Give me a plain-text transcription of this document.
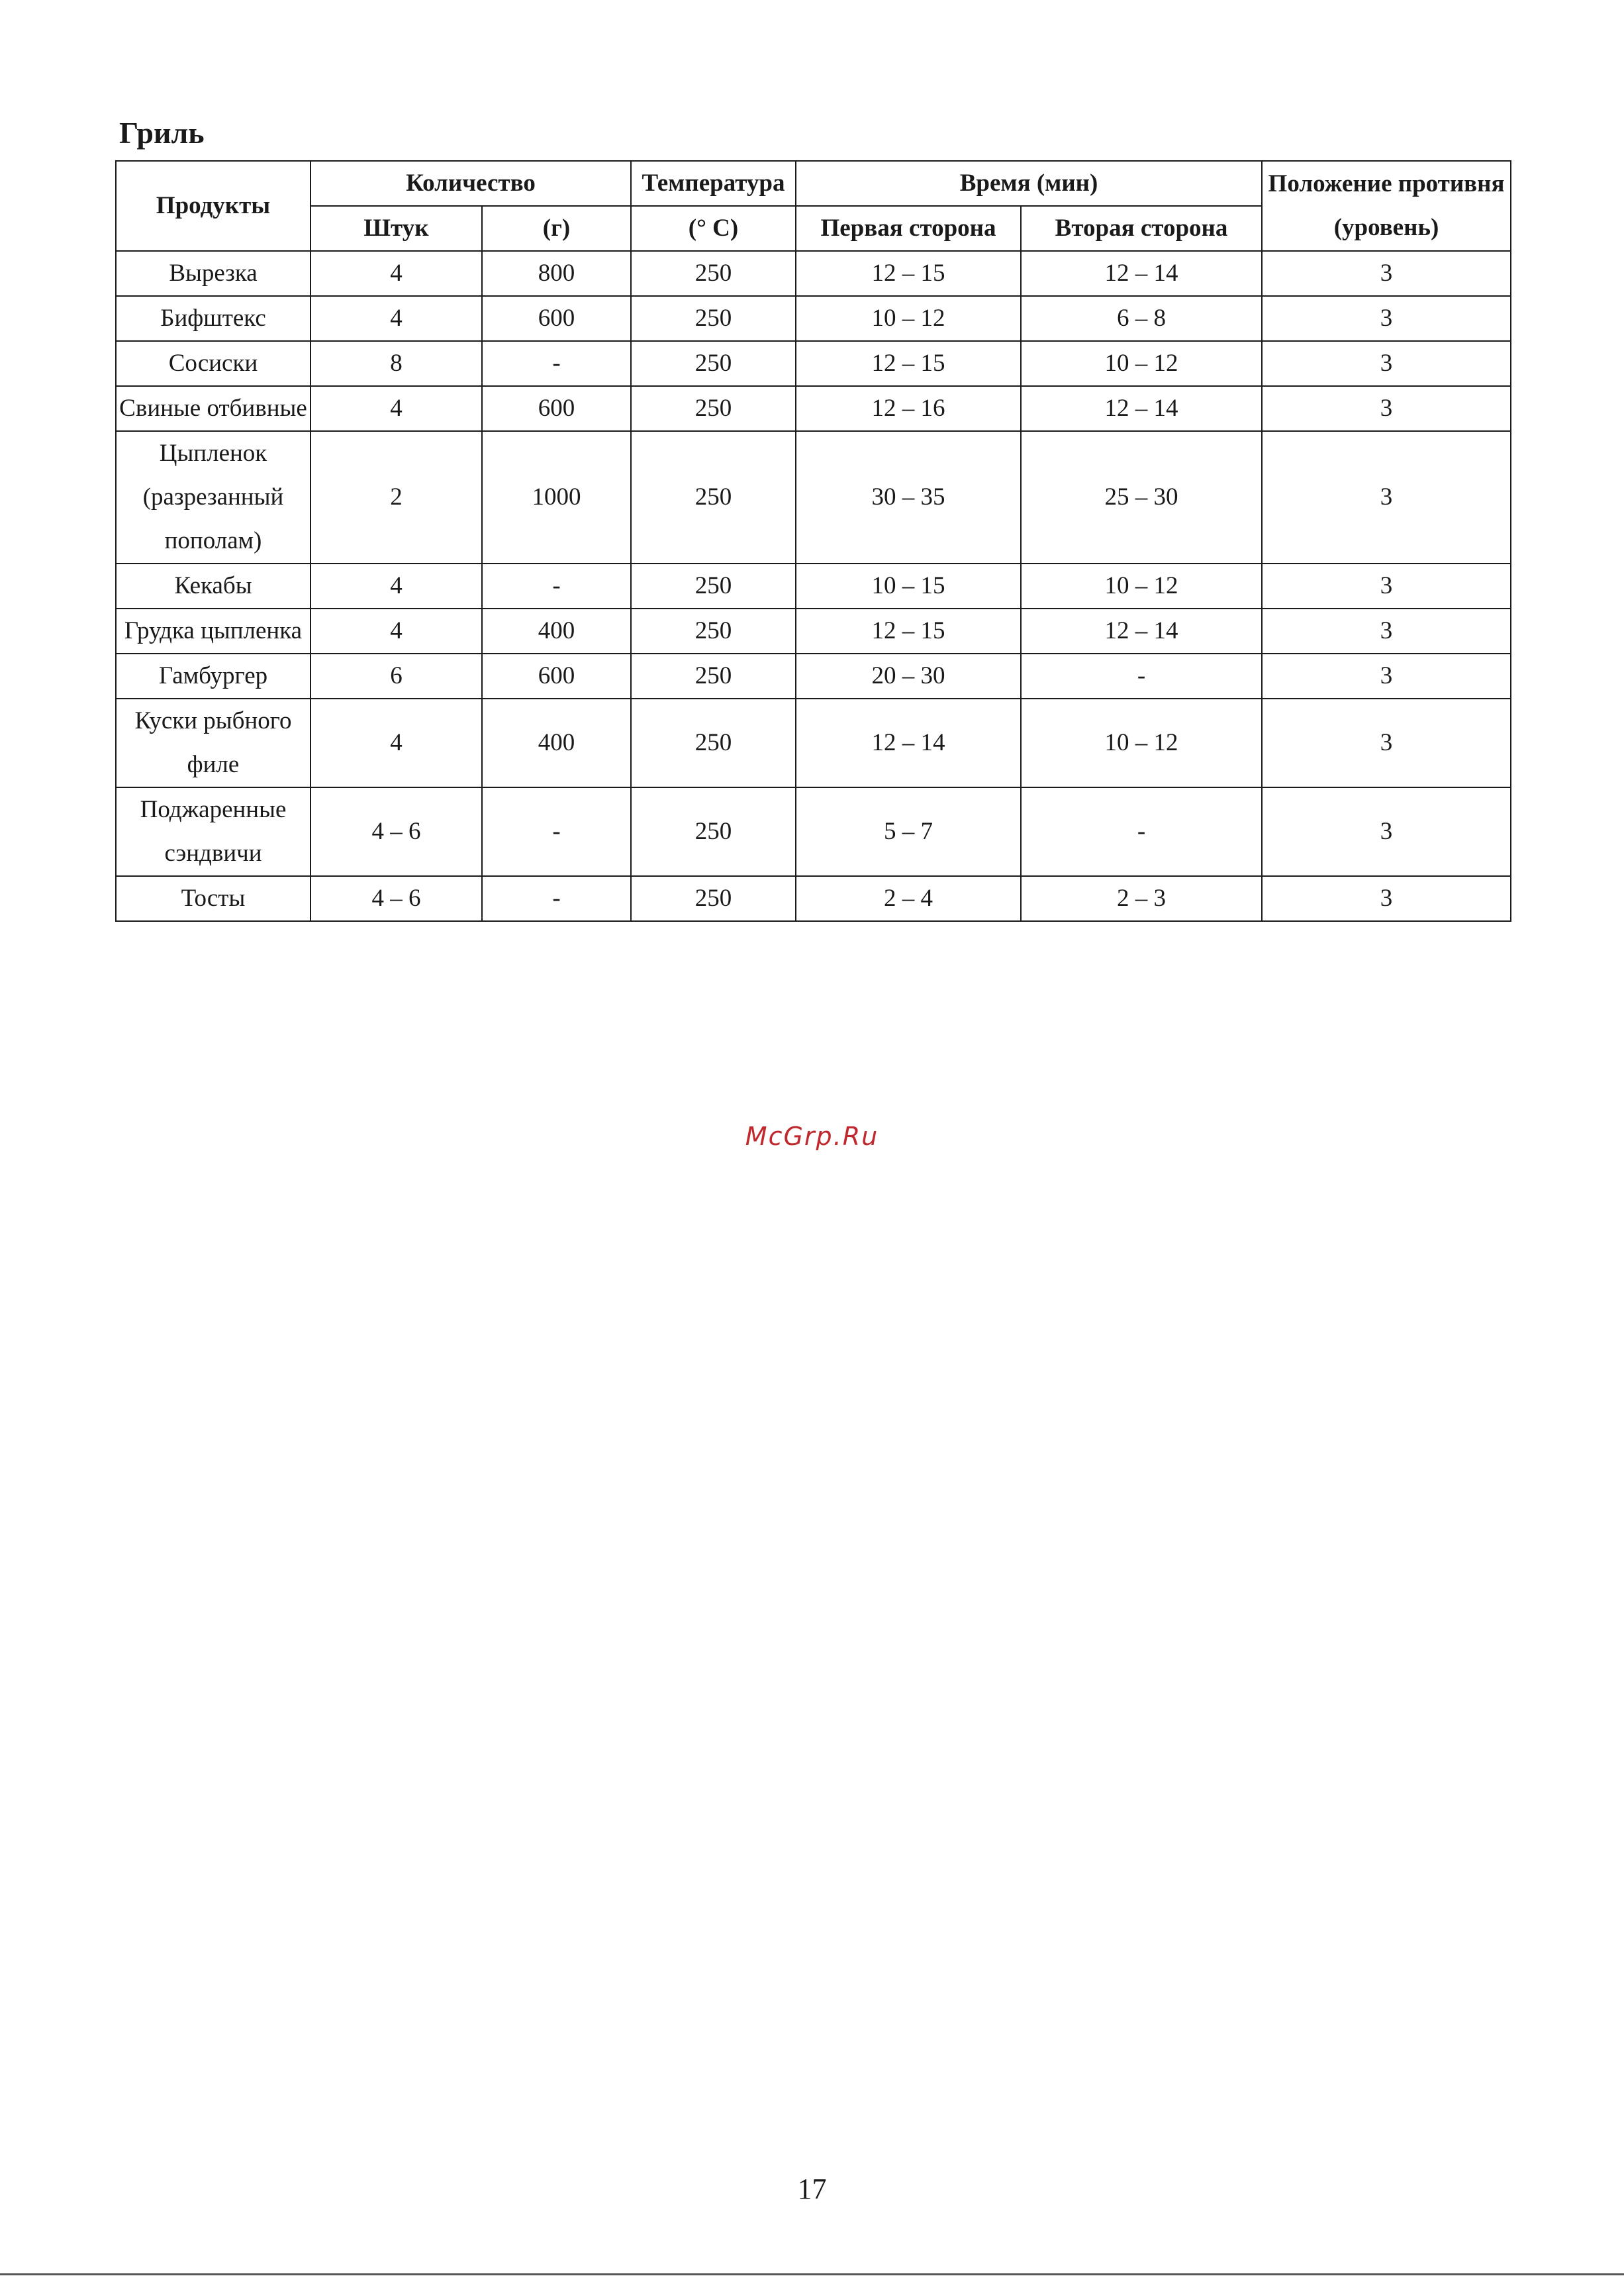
Гриль
Продукты	Количество		Температура	Время (мин)		Положение противня (уровень)
	Штук	(г)	(° С)	Первая сторона	Вторая сторона	
Вырезка	4	800	250	12 – 15	12 – 14	3
Бифштекс	4	600	250	10 – 12	6 – 8	3
Сосиски	8	-	250	12 – 15	10 – 12	3
Свиные отбивные	4	600	250	12 – 16	12 – 14	3
Цыпленок (разрезанный пополам)	2	1000	250	30 – 35	25 – 30	3
Кекабы	4	-	250	10 – 15	10 – 12	3
Грудка цыпленка	4	400	250	12 – 15	12 – 14	3
Гамбургер	6	600	250	20 – 30	-	3
Куски рыбного филе	4	400	250	12 – 14	10 – 12	3
Поджаренные сэндвичи	4 – 6	-	250	5 – 7	-	3
Тосты	4 – 6	-	250	2 – 4	2 – 3	3
McGrp.Ru
17
